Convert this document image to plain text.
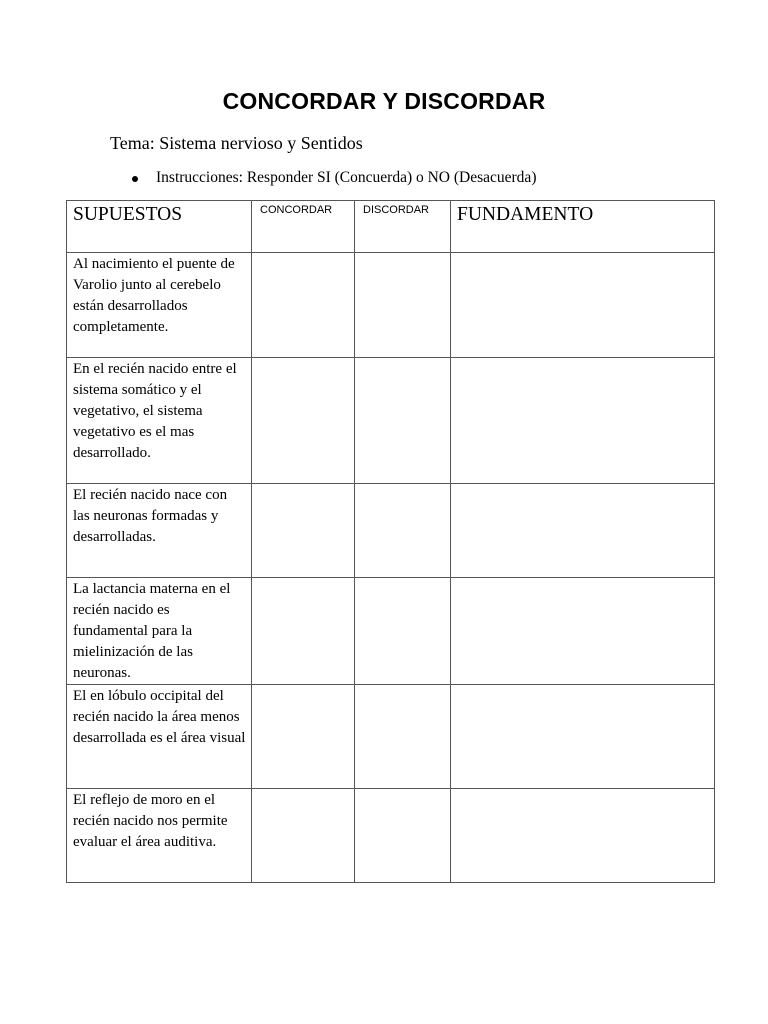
CONCORDAR Y DISCORDAR
Tema: Sistema nervioso y Sentidos
Instrucciones: Responder SI (Concuerda) o NO (Desacuerda)
SUPUESTOS	CONCORDAR	DISCORDAR	FUNDAMENTO
Al nacimiento el puente de Varolio junto al cerebelo están desarrollados completamente.			
En el recién nacido entre el sistema somático y el vegetativo, el sistema vegetativo es el mas desarrollado.			
El recién nacido nace con las neuronas formadas y desarrolladas.			
La lactancia materna en el recién nacido es fundamental para la mielinización de las neuronas.			
El en lóbulo occipital del recién nacido la área menos desarrollada es el área visual			
El reflejo de moro en el recién nacido nos permite evaluar el área auditiva.			
